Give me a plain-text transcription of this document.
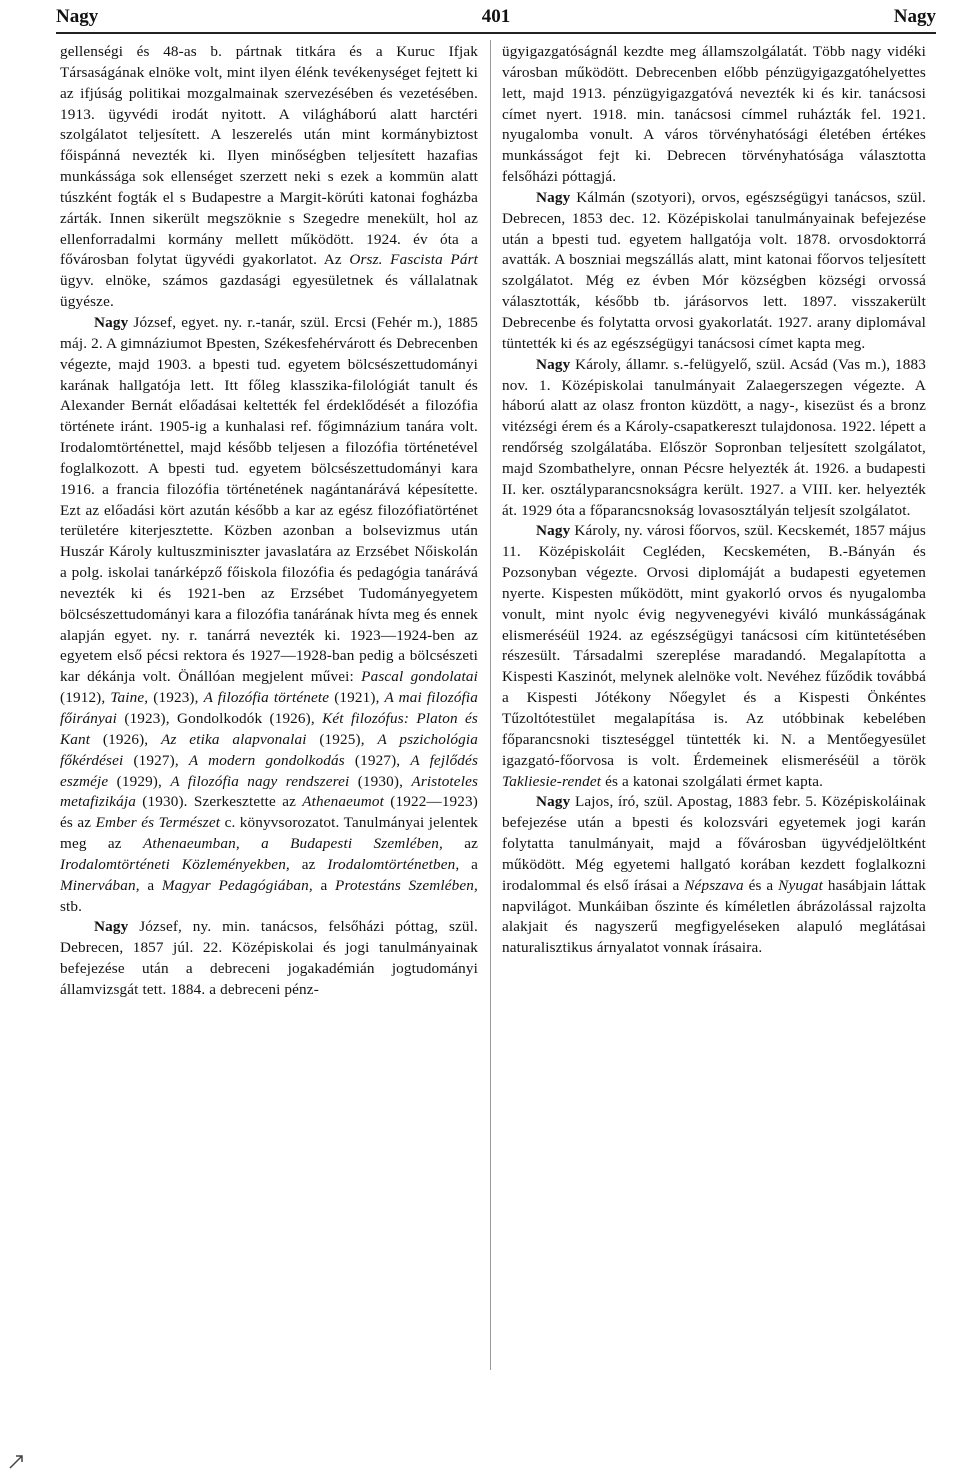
Nagy	401	Nagy

gellenségi és 48-as b. pártnak titkára és a Kuruc Ifjak Társaságának elnöke volt, mint ilyen élénk tevékenységet fejtett ki az ifjúság politikai mozgalmainak szervezésében és vezetésében. 1913. ügyvédi irodát nyitott. A világháború alatt harctéri szolgálatot teljesített. A leszerelés után mint kormánybiztost főispánná nevezték ki. Ilyen minőségben teljesített hazafias munkássága sok ellenséget szerzett neki s ezek a kommün alatt túszként fogták el s Budapestre a Margit-körúti katonai fogházba zárták. Innen sikerült megszöknie s Szegedre menekült, hol az ellenforradalmi kormány mellett működött. 1924. év óta a fővárosban folytat ügyvédi gyakorlatot. Az Orsz. Fascista Párt ügyv. elnöke, számos gazdasági egyesületnek és vállalatnak ügyésze.

Nagy József, egyet. ny. r.-tanár, szül. Ercsi (Fehér m.), 1885 máj. 2. A gimnáziumot Bpesten, Székesfehérvárott és Debrecenben végezte, majd 1903. a bpesti tud. egyetem bölcsészettudományi karának hallgatója lett. Itt főleg klasszika-filológiát tanult és Alexander Bernát előadásai keltették fel érdeklődését a filozófia története iránt. 1905-ig a kunhalasi ref. főgimnázium tanára volt. Irodalomtörténettel, majd később teljesen a filozófia történetével foglalkozott. A bpesti tud. egyetem bölcsészettudományi kara 1916. a francia filozófia történetének nagántanárává képesítette. Ezt az előadási kört azután később a kar az egész filozófiatörténet területére kiterjesztette. Közben azonban a bolsevizmus után Huszár Károly kultuszminiszter javaslatára az Erzsébet Nőiskolán a polg. iskolai tanárképző főiskola filozófia és pedagógia tanárává nevezték ki és 1921-ben az Erzsébet Tudományegyetem bölcsészettudományi kara a filozófia tanárának hívta meg és ennek alapján egyet. ny. r. tanárrá nevezték ki. 1923—1924-ben az egyetem első pécsi rektora és 1927—1928-ban pedig a bölcsészeti kar dékánja volt. Önállóan megjelent művei: Pascal gondolatai (1912), Taine, (1923), A filozófia története (1921), A mai filozófia főirányai (1923), Gondolkodók (1926), Két filozófus: Platon és Kant (1926), Az etika alapvonalai (1925), A pszichológia főkérdései (1927), A modern gondolkodás (1927), A fejlődés eszméje (1929), A filozófia nagy rendszerei (1930), Aristoteles metafizikája (1930). Szerkesztette az Athenaeumot (1922—1923) és az Ember és Természet c. könyvsorozatot. Tanulmányai jelentek meg az Athenaeumban, a Budapesti Szemlében, az Irodalomtörténeti Közleményekben, az Irodalomtörténetben, a Minervában, a Magyar Pedagógiában, a Protestáns Szemlében, stb.

Nagy József, ny. min. tanácsos, felsőházi póttag, szül. Debrecen, 1857 júl. 22. Középiskolai és jogi tanulmányainak befejezése után a debreceni jogakadémián jogtudományi államvizsgát tett. 1884. a debreceni pénz-

ügyigazgatóságnál kezdte meg államszolgálatát. Több nagy vidéki városban működött. Debrecenben előbb pénzügyigazgatóhelyettes lett, majd 1913. pénzügyigazgatóvá nevezték ki és kir. tanácsosi címet nyert. 1918. min. tanácsosi címmel ruházták fel. 1921. nyugalomba vonult. A város törvényhatósági életében értékes munkásságot fejt ki. Debrecen törvényhatósága választotta felsőházi póttagjá.

Nagy Kálmán (szotyori), orvos, egészségügyi tanácsos, szül. Debrecen, 1853 dec. 12. Középiskolai tanulmányainak befejezése után a bpesti tud. egyetem hallgatója volt. 1878. orvosdoktorrá avatták. A boszniai megszállás alatt, mint katonai főorvos teljesített szolgálatot. Még ez évben Mór községben községi orvossá választották, később tb. járásorvos lett. 1897. visszakerült Debrecenbe és folytatta orvosi gyakorlatát. 1927. arany diplomával tüntették ki és az egészségügyi tanácsosi címet kapta meg.

Nagy Károly, államr. s.-felügyelő, szül. Acsád (Vas m.), 1883 nov. 1. Középiskolai tanulmányait Zalaegerszegen végezte. A háború alatt az olasz fronton küzdött, a nagy-, kisezüst és a bronz vitézségi érem és a Károly-csapatkereszt tulajdonosa. 1922. lépett a rendőrség szolgálatába. Először Sopronban teljesített szolgálatot, majd Szombathelyre, onnan Pécsre helyezték át. 1926. a budapesti II. ker. osztályparancsnokságra került. 1927. a VIII. ker. helyezték át. 1929 óta a főparancsnokság lovasosztályán teljesít szolgálatot.

Nagy Károly, ny. városi főorvos, szül. Kecskemét, 1857 május 11. Középiskoláit Cegléden, Kecskeméten, B.-Bányán és Pozsonyban végezte. Orvosi diplomáját a budapesti egyetemen nyerte. Kispesten működött, mint gyakorló orvos és nyugalomba vonult, mint nyolc évig negyvenegyévi kiváló munkásságának elismeréséül 1924. az egészségügyi tanácsosi cím kitüntetésében részesült. Társadalmi szereplése maradandó. Megalapította a Kispesti Kaszinót, melynek alelnöke volt. Nevéhez fűződik továbbá a Kispesti Jótékony Nőegylet és a Kispesti Önkéntes Tűzoltótestület megalapítása is. Az utóbbinak kebelében főparancsnoki tiszteséggel tüntették ki. N. a Mentőegyesület igazgató-főorvosa is volt. Érdemeinek elismeréséül a török Takliesie-rendet és a katonai szolgálati érmet kapta.

Nagy Lajos, író, szül. Apostag, 1883 febr. 5. Középiskoláinak befejezése után a bpesti és kolozsvári egyetemek jogi karán folytatta tanulmányait, majd a fővárosban ügyvédjelöltként működött. Még egyetemi hallgató korában kezdett foglalkozni irodalommal és első írásai a Népszava és a Nyugat hasábjain láttak napvilágot. Munkáiban őszinte és kíméletlen ábrázolással rajzolta alakjait és nagyszerű megfigyeléseken alapuló meglátásai naturalisztikus árnyalatot vonnak írásaira.
